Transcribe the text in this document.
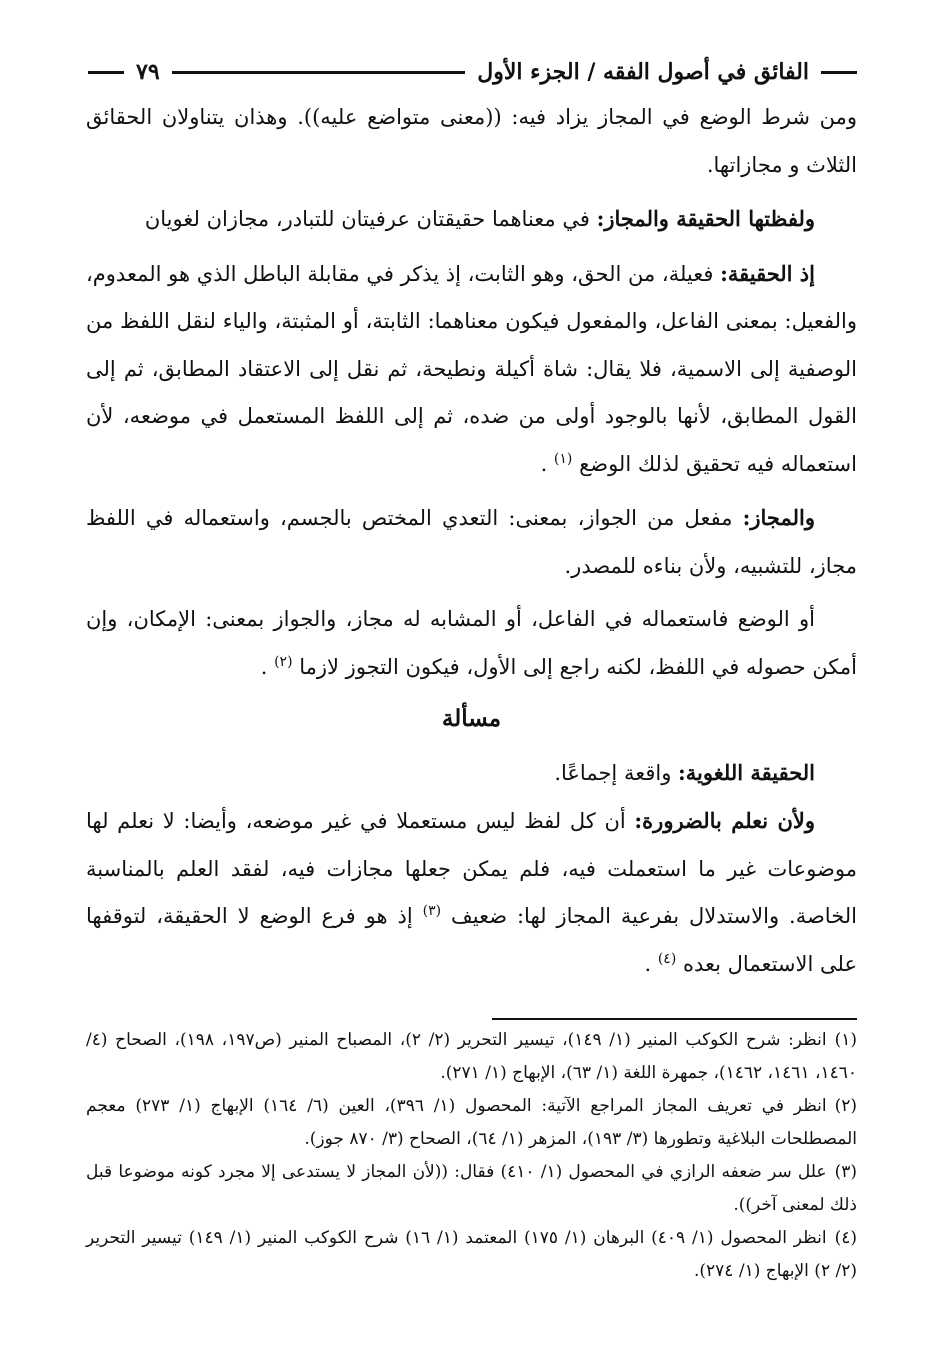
الفائق في أصول الفقه / الجزء الأول
٧٩

ومن شرط الوضع في المجاز يزاد فيه: ((معنى متواضع عليه)). وهذان يتناولان الحقائق الثلاث و مجازاتها.

ولفظتها الحقيقة والمجاز: في معناهما حقيقتان عرفيتان للتبادر، مجازان لغويان

إذ الحقيقة: فعيلة، من الحق، وهو الثابت، إذ يذكر في مقابلة الباطل الذي هو المعدوم، والفعيل: بمعنى الفاعل، والمفعول فيكون معناهما: الثابتة، أو المثبتة، والياء لنقل اللفظ من الوصفية إلى الاسمية، فلا يقال: شاة أكيلة ونطيحة، ثم نقل إلى الاعتقاد المطابق، ثم إلى القول المطابق، لأنها بالوجود أولى من ضده، ثم إلى اللفظ المستعمل في موضعه، لأن استعماله فيه تحقيق لذلك الوضع $^{(١)}$ .

والمجاز: مفعل من الجواز، بمعنى: التعدي المختص بالجسم، واستعماله في اللفظ مجاز، للتشبيه، ولأن بناءه للمصدر.

أو الوضع فاستعماله في الفاعل، أو المشابه له مجاز، والجواز بمعنى: الإمكان، وإن أمكن حصوله في اللفظ، لكنه راجع إلى الأول، فيكون التجوز لازما $^{(٢)}$ .

مسألة

الحقيقة اللغوية: واقعة إجماعًا.

ولأن نعلم بالضرورة: أن كل لفظ ليس مستعملا في غير موضعه، وأيضا: لا نعلم لها موضوعات غير ما استعملت فيه، فلم يمكن جعلها مجازات فيه، لفقد العلم بالمناسبة الخاصة. والاستدلال بفرعية المجاز لها: ضعيف $^{(٣)}$ إذ هو فرع الوضع لا الحقيقة، لتوقفها على الاستعمال بعده $^{(٤)}$ .

(١)انظر: شرح الكوكب المنير (١/ ١٤٩)، تيسير التحرير (٢/ ٢)، المصباح المنير (ص١٩٧، ١٩٨)، الصحاح (٤/ ١٤٦٠، ١٤٦١، ١٤٦٢)، جمهرة اللغة (١/ ٦٣)، الإبهاج (١/ ٢٧١).

(٢)انظر في تعريف المجاز المراجع الآتية: المحصول (١/ ٣٩٦)، العين (٦/ ١٦٤) الإبهاج (١/ ٢٧٣) معجم المصطلحات البلاغية وتطورها (٣/ ١٩٣)، المزهر (١/ ٦٤)، الصحاح (٣/ ٨٧٠ جوز).

(٣)علل سر ضعفه الرازي في المحصول (١/ ٤١٠) فقال: ((لأن المجاز لا يستدعى إلا مجرد كونه موضوعا قبل ذلك لمعنى آخر)).

(٤)انظر المحصول (١/ ٤٠٩) البرهان (١/ ١٧٥) المعتمد (١/ ١٦) شرح الكوكب المنير (١/ ١٤٩) تيسير التحرير (٢/ ٢) الإبهاج (١/ ٢٧٤).
